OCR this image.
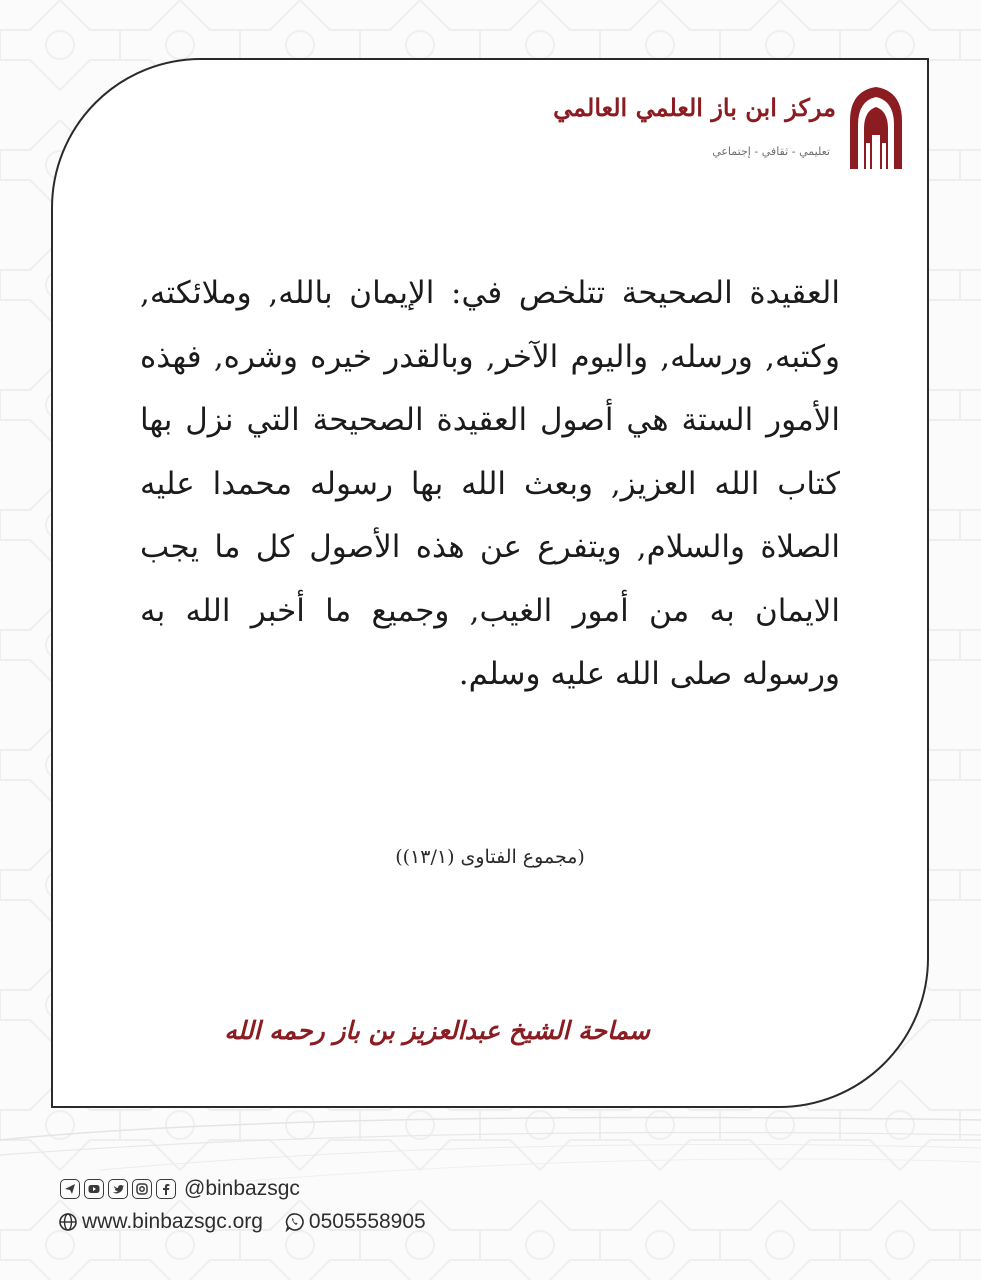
مركز ابن باز العلمي العالمي
تعليمي - ثقافي - إجتماعي

العقيدة الصحيحة تتلخص في: الإيمان بالله, وملائكته, وكتبه, ورسله, واليوم الآخر, وبالقدر خيره وشره, فهذه الأمور الستة هي أصول العقيدة الصحيحة التي نزل بها كتاب الله العزيز, وبعث الله بها رسوله محمدا عليه الصلاة والسلام, ويتفرع عن هذه الأصول كل ما يجب الايمان به من أمور الغيب, وجميع ما أخبر الله به ورسوله صلى الله عليه وسلم.

(مجموع الفتاوى (١٣/١))
سماحة الشيخ عبدالعزيز بن باز رحمه الله
@binbazsgc
www.binbazsgc.org 0505558905
